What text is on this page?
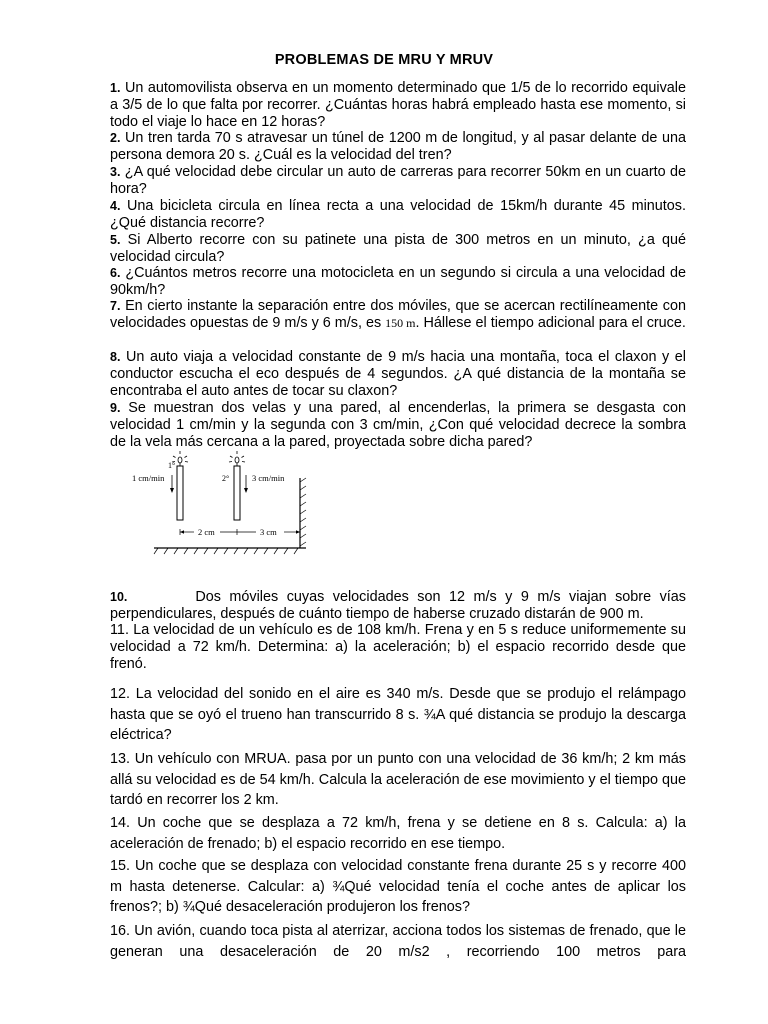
PROBLEMAS DE MRU Y MRUV
1. Un automovilista observa en un momento determinado que 1/5 de lo recorrido equivale a 3/5 de lo que falta por recorrer. ¿Cuántas horas habrá empleado hasta ese momento, si todo el viaje lo hace en 12 horas?
2. Un tren tarda 70 s atravesar un túnel de 1200 m de longitud, y al pasar delante de una persona demora 20 s. ¿Cuál es la velocidad del tren?
3. ¿A qué velocidad debe circular un auto de carreras para recorrer 50km en un cuarto de hora?
4. Una bicicleta circula en línea recta a una velocidad de 15km/h durante 45 minutos. ¿Qué distancia recorre?
5. Si Alberto recorre con su patinete una pista de 300 metros en un minuto, ¿a qué velocidad circula?
6. ¿Cuántos metros recorre una motocicleta en un segundo si circula a una velocidad de 90km/h?
7. En cierto instante la separación entre dos móviles, que se acercan rectilíneamente con velocidades opuestas de 9 m/s y 6 m/s, es 150 m. Hállese el tiempo adicional para el cruce.
8. Un auto viaja a velocidad constante de 9 m/s hacia una montaña, toca el claxon y el conductor escucha el eco después de 4 segundos. ¿A qué distancia de la montaña se encontraba el auto antes de tocar su claxon?
9. Se muestran dos velas y una pared, al encenderlas, la primera se desgasta con velocidad 1 cm/min y la segunda con 3 cm/min, ¿Con qué velocidad decrece la sombra de la vela más cercana a la pared, proyectada sobre dicha pared?
1°
1 cm/min	2°	3 cm/min
2 cm	3 cm
10.	Dos móviles cuyas velocidades son 12 m/s y 9 m/s viajan sobre vías perpendiculares, después de cuánto tiempo de haberse cruzado distarán de 900 m.
11. La velocidad de un vehículo es de 108 km/h. Frena y en 5 s reduce uniformemente su velocidad a 72 km/h. Determina: a) la aceleración; b) el espacio recorrido desde que frenó.
12. La velocidad del sonido en el aire es 340 m/s. Desde que se produjo el relámpago hasta que se oyó el trueno han transcurrido 8 s. ¾A qué distancia se produjo la descarga eléctrica?
13. Un vehículo con MRUA. pasa por un punto con una velocidad de 36 km/h; 2 km más allá su velocidad es de 54 km/h. Calcula la aceleración de ese movimiento y el tiempo que tardó en recorrer los 2 km.
14. Un coche que se desplaza a 72 km/h, frena y se detiene en 8 s. Calcula: a) la aceleración de frenado; b) el espacio recorrido en ese tiempo.
15. Un coche que se desplaza con velocidad constante frena durante 25 s y recorre 400 m hasta detenerse. Calcular: a) ¾Qué velocidad tenía el coche antes de aplicar los frenos?; b) ¾Qué desaceleración produjeron los frenos?
16. Un avión, cuando toca pista al aterrizar, acciona todos los sistemas de frenado, que le generan una desaceleración de 20 m/s2 , recorriendo 100 metros para
